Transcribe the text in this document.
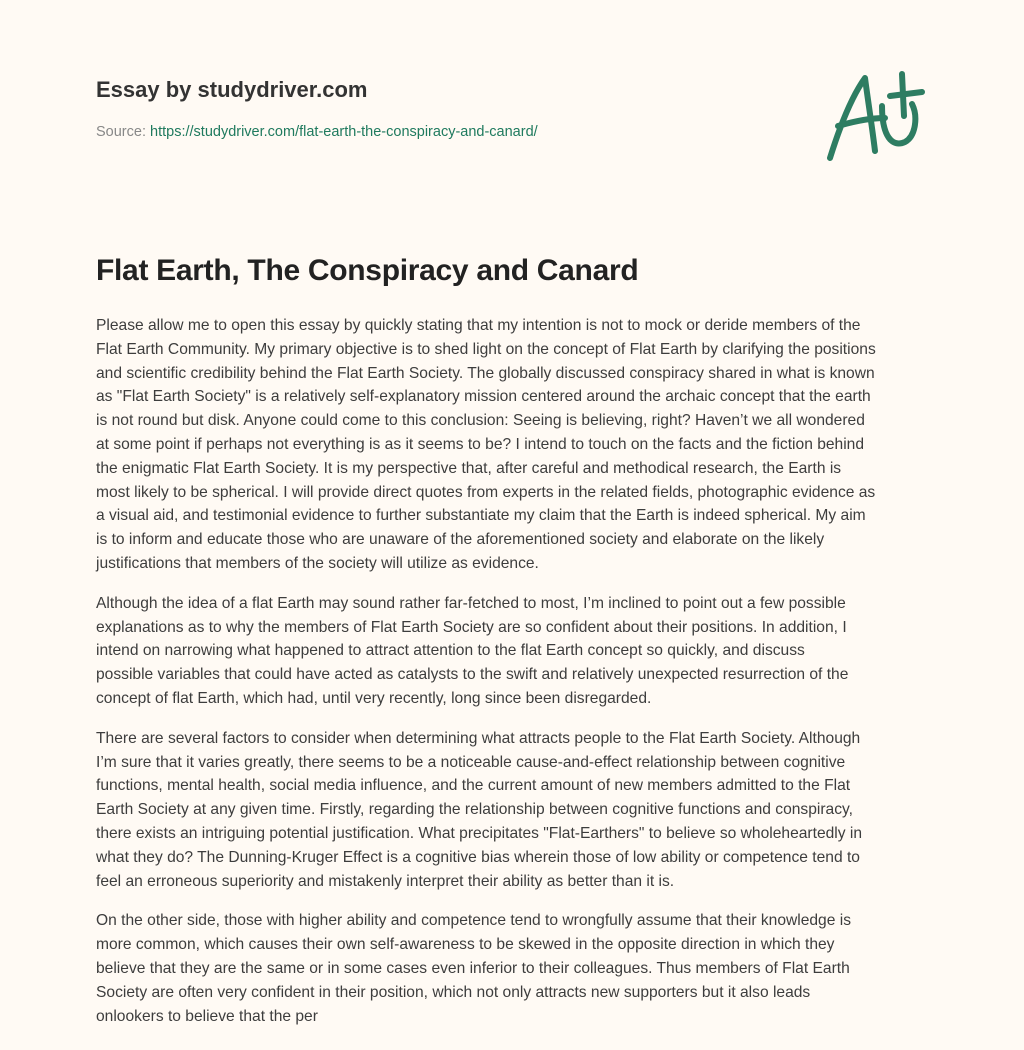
Essay by studydriver.com
Source: https://studydriver.com/flat-earth-the-conspiracy-and-canard/
Flat Earth, The Conspiracy and Canard

Please allow me to open this essay by quickly stating that my intention is not to mock or deride members of the
Flat Earth Community. My primary objective is to shed light on the concept of Flat Earth by clarifying the positions
and scientific credibility behind the Flat Earth Society. The globally discussed conspiracy shared in what is known
as "Flat Earth Society" is a relatively self-explanatory mission centered around the archaic concept that the earth
is not round but disk. Anyone could come to this conclusion: Seeing is believing, right? Haven’t we all wondered
at some point if perhaps not everything is as it seems to be? I intend to touch on the facts and the fiction behind
the enigmatic Flat Earth Society. It is my perspective that, after careful and methodical research, the Earth is
most likely to be spherical. I will provide direct quotes from experts in the related fields, photographic evidence as
a visual aid, and testimonial evidence to further substantiate my claim that the Earth is indeed spherical. My aim
is to inform and educate those who are unaware of the aforementioned society and elaborate on the likely
justifications that members of the society will utilize as evidence.

Although the idea of a flat Earth may sound rather far-fetched to most, I’m inclined to point out a few possible
explanations as to why the members of Flat Earth Society are so confident about their positions. In addition, I
intend on narrowing what happened to attract attention to the flat Earth concept so quickly, and discuss
possible variables that could have acted as catalysts to the swift and relatively unexpected resurrection of the
concept of flat Earth, which had, until very recently, long since been disregarded.

There are several factors to consider when determining what attracts people to the Flat Earth Society. Although
I’m sure that it varies greatly, there seems to be a noticeable cause-and-effect relationship between cognitive
functions, mental health, social media influence, and the current amount of new members admitted to the Flat
Earth Society at any given time. Firstly, regarding the relationship between cognitive functions and conspiracy,
there exists an intriguing potential justification. What precipitates "Flat-Earthers" to believe so wholeheartedly in
what they do? The Dunning-Kruger Effect is a cognitive bias wherein those of low ability or competence tend to
feel an erroneous superiority and mistakenly interpret their ability as better than it is.

On the other side, those with higher ability and competence tend to wrongfully assume that their knowledge is
more common, which causes their own self-awareness to be skewed in the opposite direction in which they
believe that they are the same or in some cases even inferior to their colleagues. Thus members of Flat Earth
Society are often very confident in their position, which not only attracts new supporters but it also leads
onlookers to believe that the per
